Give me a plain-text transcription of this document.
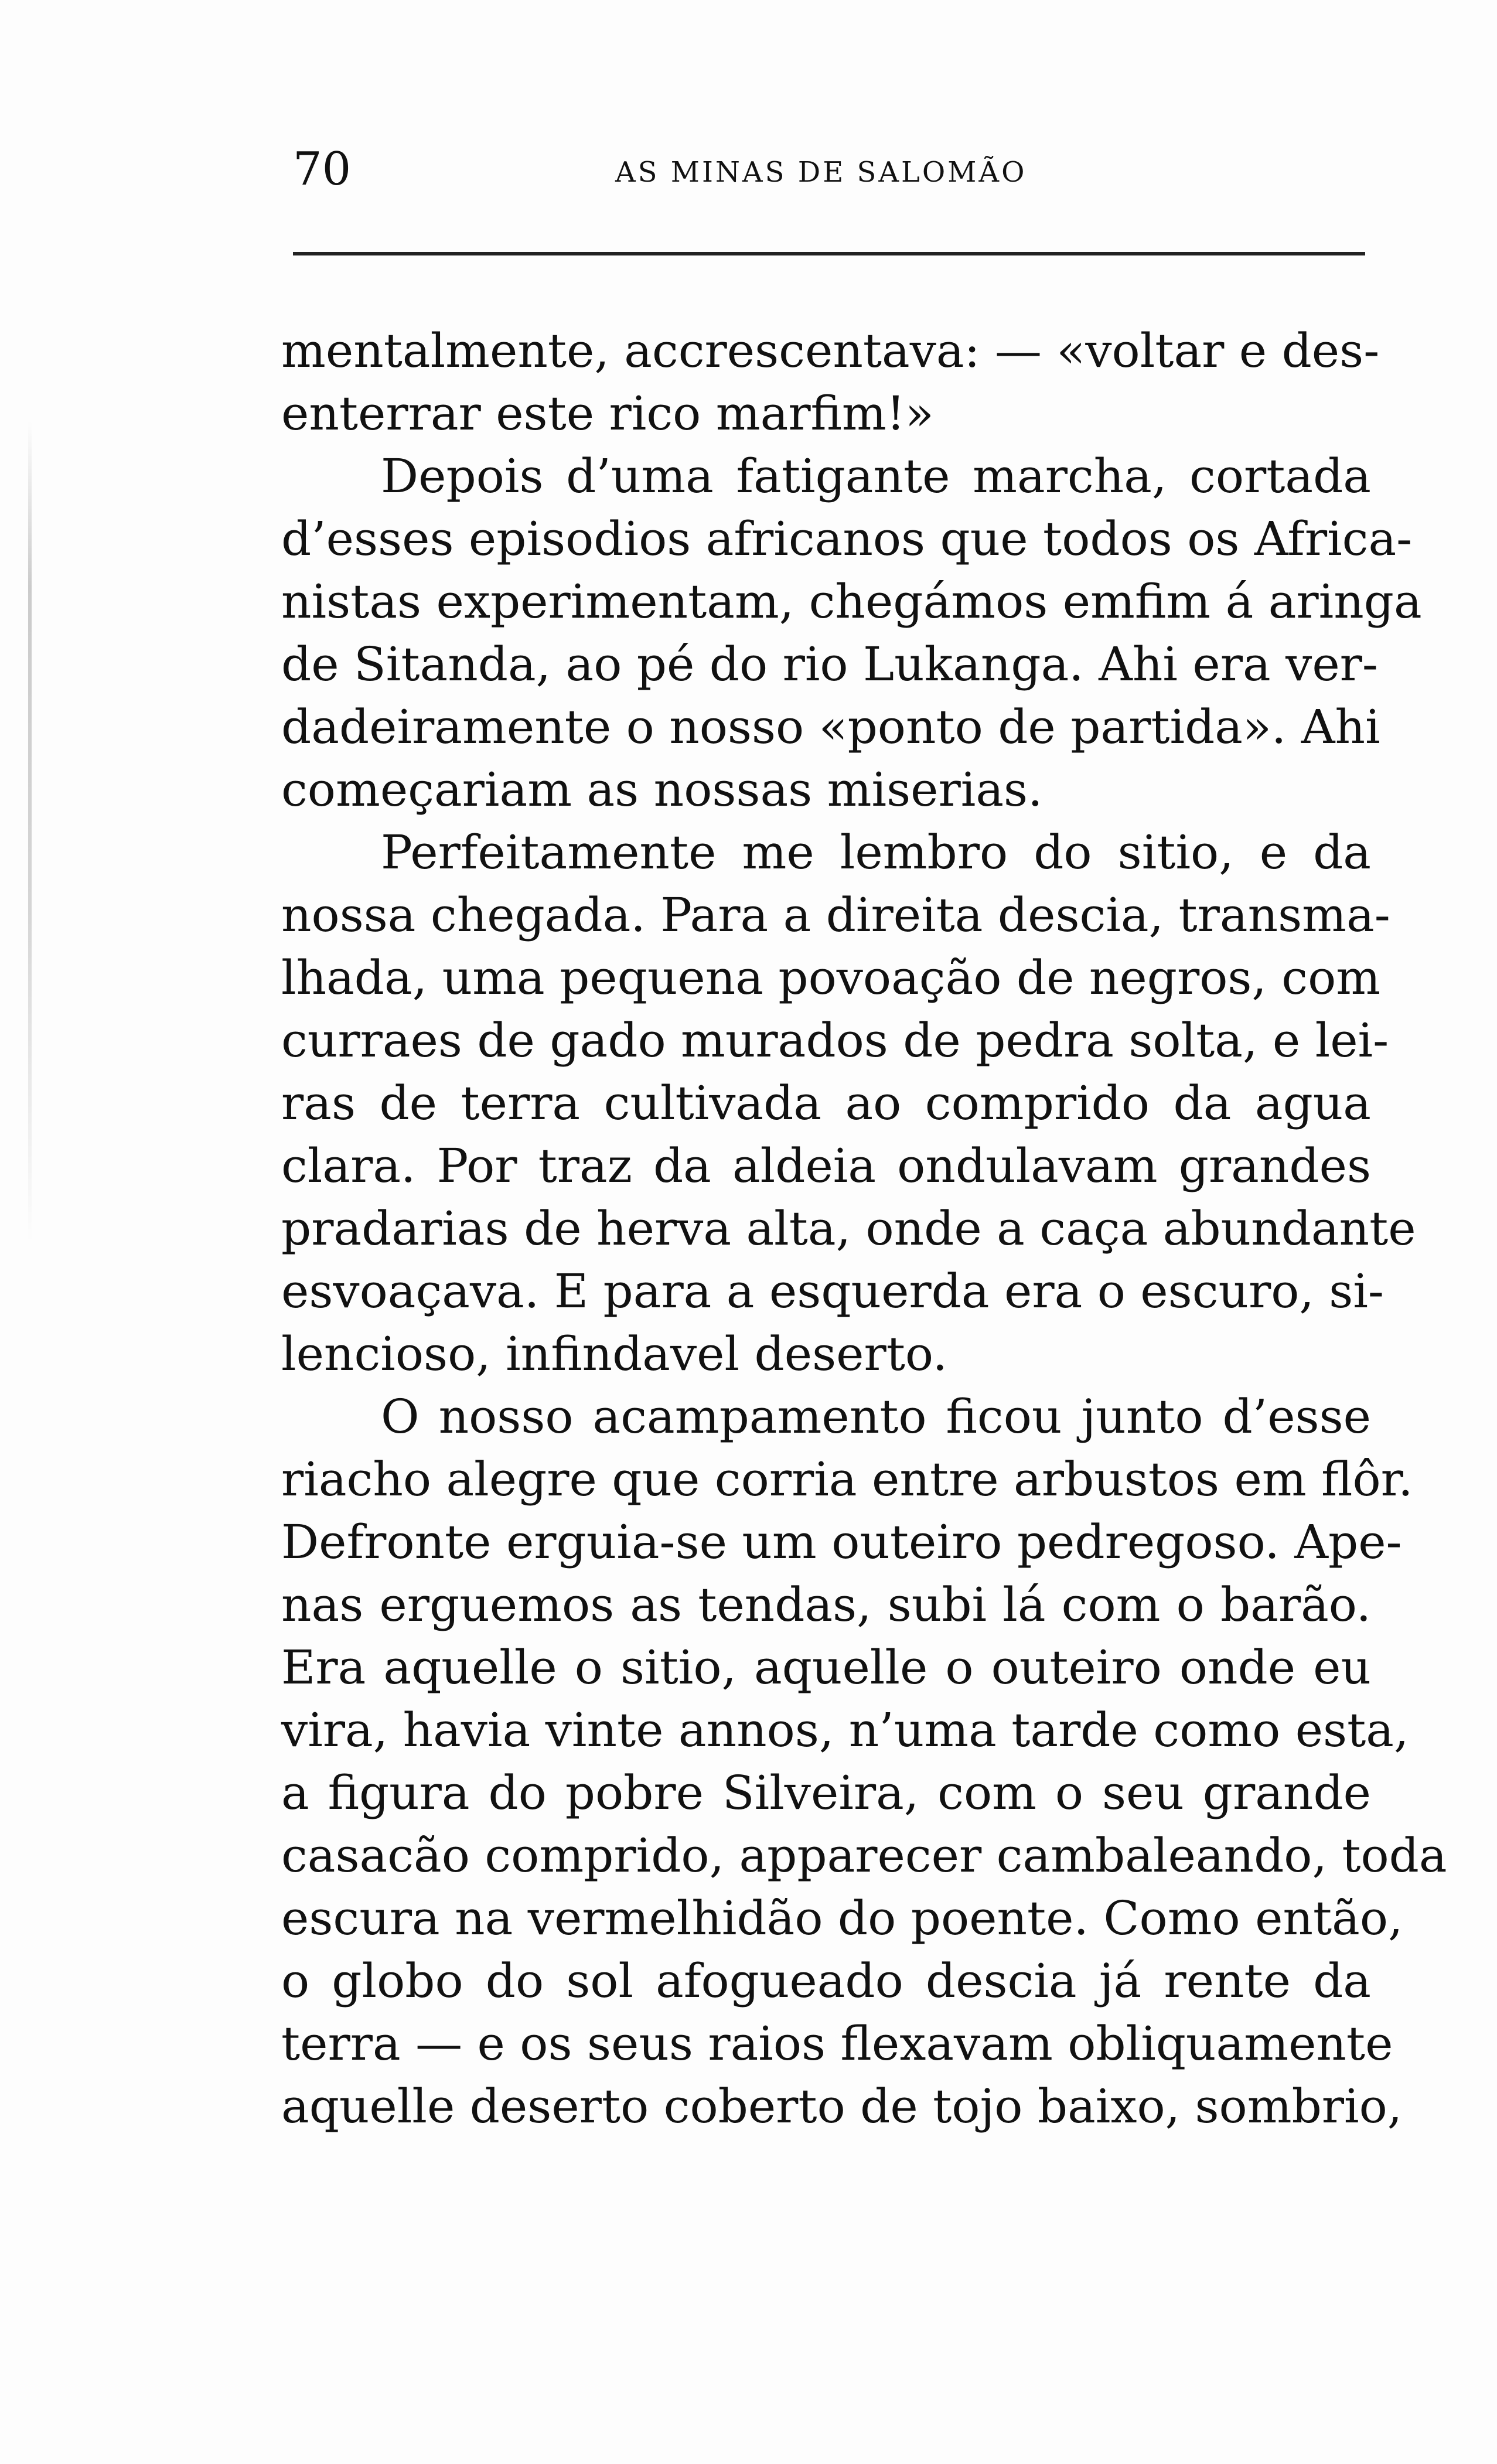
70	AS MINAS DE SALOMÃO
mentalmente, accrescentava: — «voltar e des-
enterrar este rico marfim!»
Depois d’uma fatigante marcha, cortada
d’esses episodios africanos que todos os Africa-
nistas experimentam, chegámos emfim á aringa
de Sitanda, ao pé do rio Lukanga. Ahi era ver-
dadeiramente o nosso «ponto de partida». Ahi
começariam as nossas miserias.
Perfeitamente me lembro do sitio, e da
nossa chegada. Para a direita descia, transma-
lhada, uma pequena povoação de negros, com
curraes de gado murados de pedra solta, e lei-
ras de terra cultivada ao comprido da agua
clara. Por traz da aldeia ondulavam grandes
pradarias de herva alta, onde a caça abundante
esvoaçava. E para a esquerda era o escuro, si-
lencioso, infindavel deserto.
O nosso acampamento ficou junto d’esse
riacho alegre que corria entre arbustos em flôr.
Defronte erguia-se um outeiro pedregoso. Ape-
nas erguemos as tendas, subi lá com o barão.
Era aquelle o sitio, aquelle o outeiro onde eu
vira, havia vinte annos, n’uma tarde como esta,
a figura do pobre Silveira, com o seu grande
casacão comprido, apparecer cambaleando, toda
escura na vermelhidão do poente. Como então,
o globo do sol afogueado descia já rente da
terra — e os seus raios flexavam obliquamente
aquelle deserto coberto de tojo baixo, sombrio,
